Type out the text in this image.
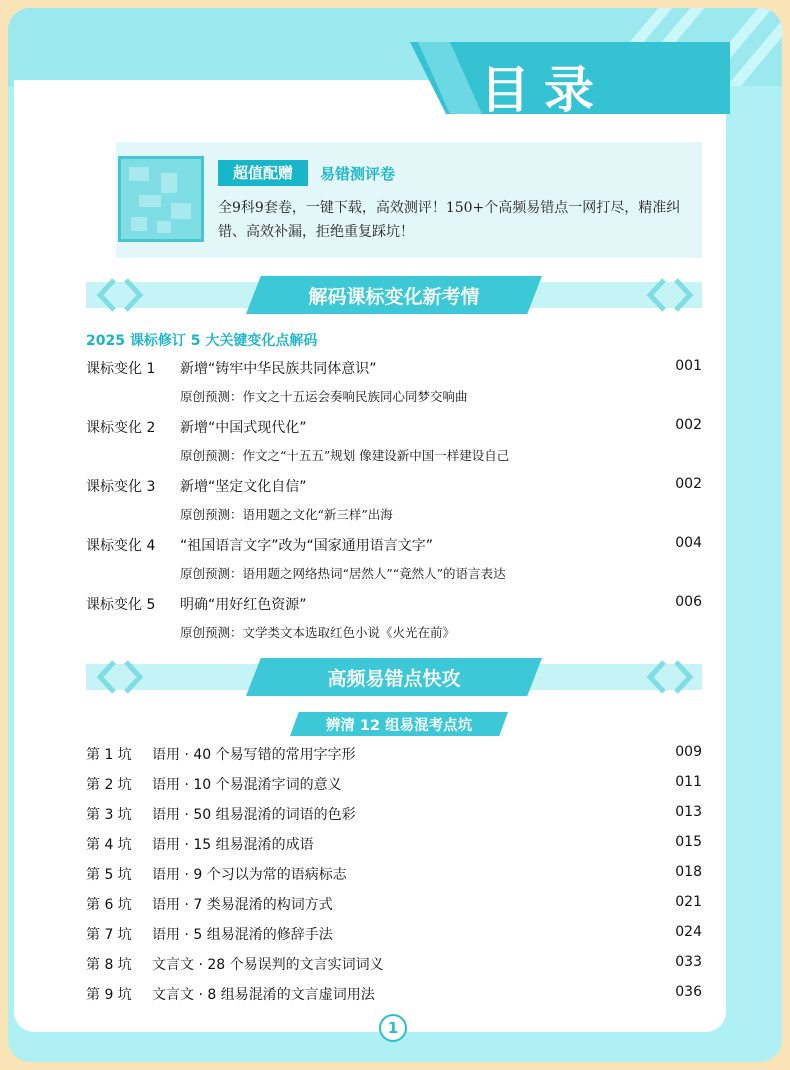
目录
超值配赠	易错测评卷
全9科9套卷，一键下载，高效测评！150+个高频易错点一网打尽，精准纠错、高效补漏，拒绝重复踩坑！
解码课标变化新考情
2025 课标修订 5 大关键变化点解码
课标变化 1 新增“铸牢中华民族共同体意识”	001
原创预测：作文之十五运会奏响民族同心同梦交响曲
课标变化 2 新增“中国式现代化”	002
原创预测：作文之“十五五”规划 像建设新中国一样建设自己
课标变化 3 新增“坚定文化自信”	002
原创预测：语用题之文化“新三样”出海
课标变化 4 “祖国语言文字”改为“国家通用语言文字”	004
原创预测：语用题之网络热词“居然人”“竟然人”的语言表达
课标变化 5 明确“用好红色资源”	006
原创预测：文学类文本选取红色小说《火光在前》
高频易错点快攻
辨清 12 组易混考点坑
第 1 坑 语用 · 40 个易写错的常用字字形	009
第 2 坑 语用 · 10 个易混淆字词的意义	011
第 3 坑 语用 · 50 组易混淆的词语的色彩	013
第 4 坑 语用 · 15 组易混淆的成语	015
第 5 坑 语用 · 9 个习以为常的语病标志	018
第 6 坑 语用 · 7 类易混淆的构词方式	021
第 7 坑 语用 · 5 组易混淆的修辞手法	024
第 8 坑 文言文 · 28 个易误判的文言实词词义	033
第 9 坑 文言文 · 8 组易混淆的文言虚词用法	036
1
